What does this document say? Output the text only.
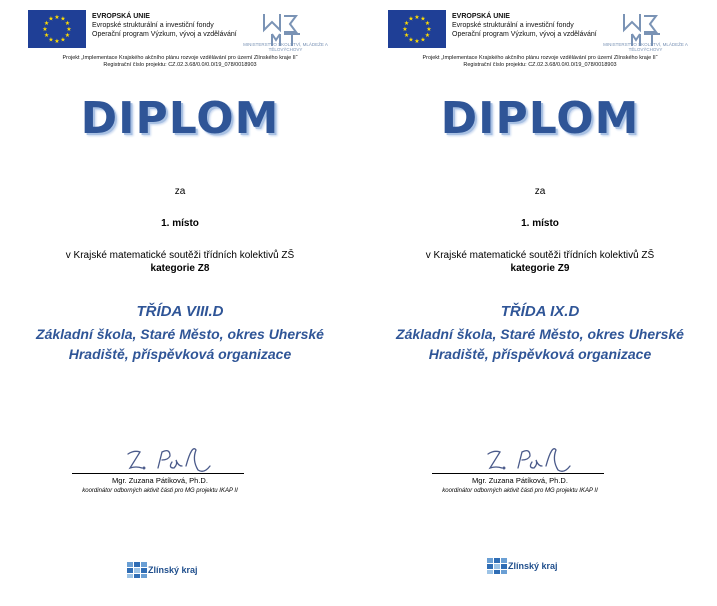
★ ★
★
★
★
★
★
★
★
★
★
★	EVROPSKÁ UNIE
Evropské strukturální a investiční fondy
Operační program Výzkum, vývoj a vzdělávání
MINISTERSTVO ŠKOLSTVÍ, MLÁDEŽE A TĚLOVÝCHOVY
Projekt „Implementace Krajského akčního plánu rozvoje vzdělávání pro území Zlínského kraje II“
Registrační číslo projektu: CZ.02.3.68/0.0/0.0/19_078/0018903
DIPLOM
za
1. místo
v Krajské matematické soutěži třídních kolektivů ZŠ
kategorie Z8
TŘÍDA VIII.D
Základní škola, Staré Město, okres Uherské Hradiště, příspěvková organizace
Mgr. Zuzana Pátíková, Ph.D.
koordinátor odborných aktivit části pro MG projektu IKAP II
Zlínský kraj
★ ★
★
★
★
★
★
★
★
★
★
★	EVROPSKÁ UNIE
Evropské strukturální a investiční fondy
Operační program Výzkum, vývoj a vzdělávání
MINISTERSTVO ŠKOLSTVÍ, MLÁDEŽE A TĚLOVÝCHOVY
Projekt „Implementace Krajského akčního plánu rozvoje vzdělávání pro území Zlínského kraje II“
Registrační číslo projektu: CZ.02.3.68/0.0/0.0/19_078/0018903
DIPLOM
za
1. místo
v Krajské matematické soutěži třídních kolektivů ZŠ
kategorie Z9
TŘÍDA IX.D
Základní škola, Staré Město, okres Uherské Hradiště, příspěvková organizace
Mgr. Zuzana Pátíková, Ph.D.
koordinátor odborných aktivit části pro MG projektu IKAP II
Zlínský kraj
